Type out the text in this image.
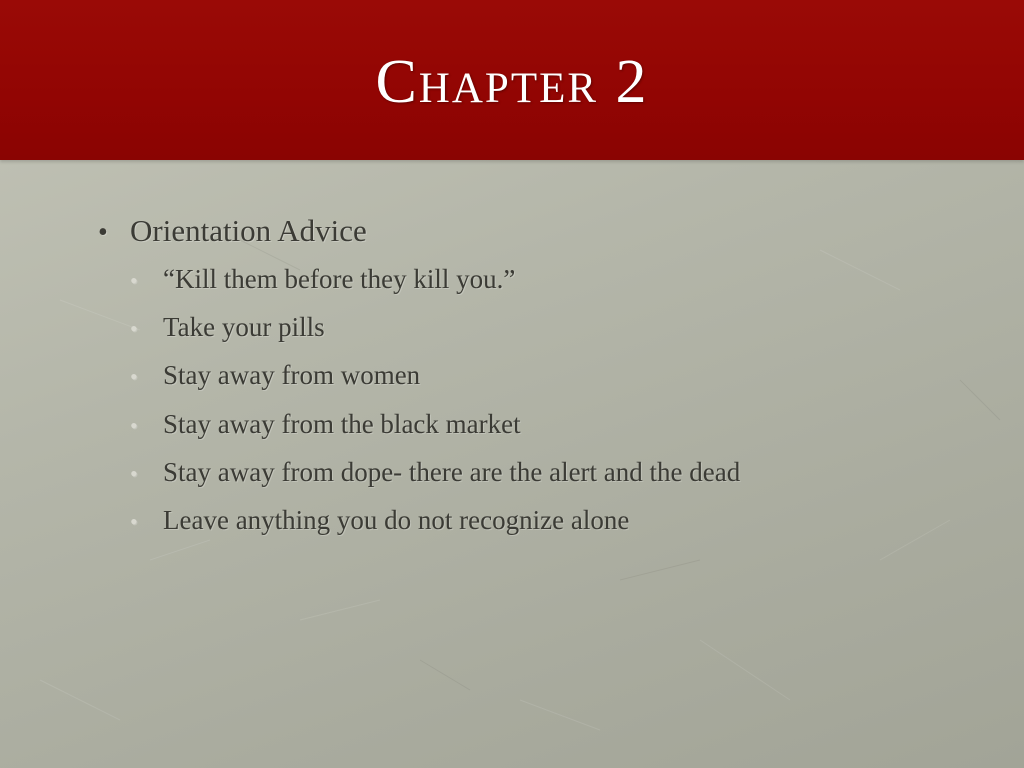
Chapter 2
• Orientation Advice
• “Kill them before they kill you.”
• Take your pills
• Stay away from women
• Stay away from the black market
• Stay away from dope- there are the alert and the dead
• Leave anything you do not recognize alone
